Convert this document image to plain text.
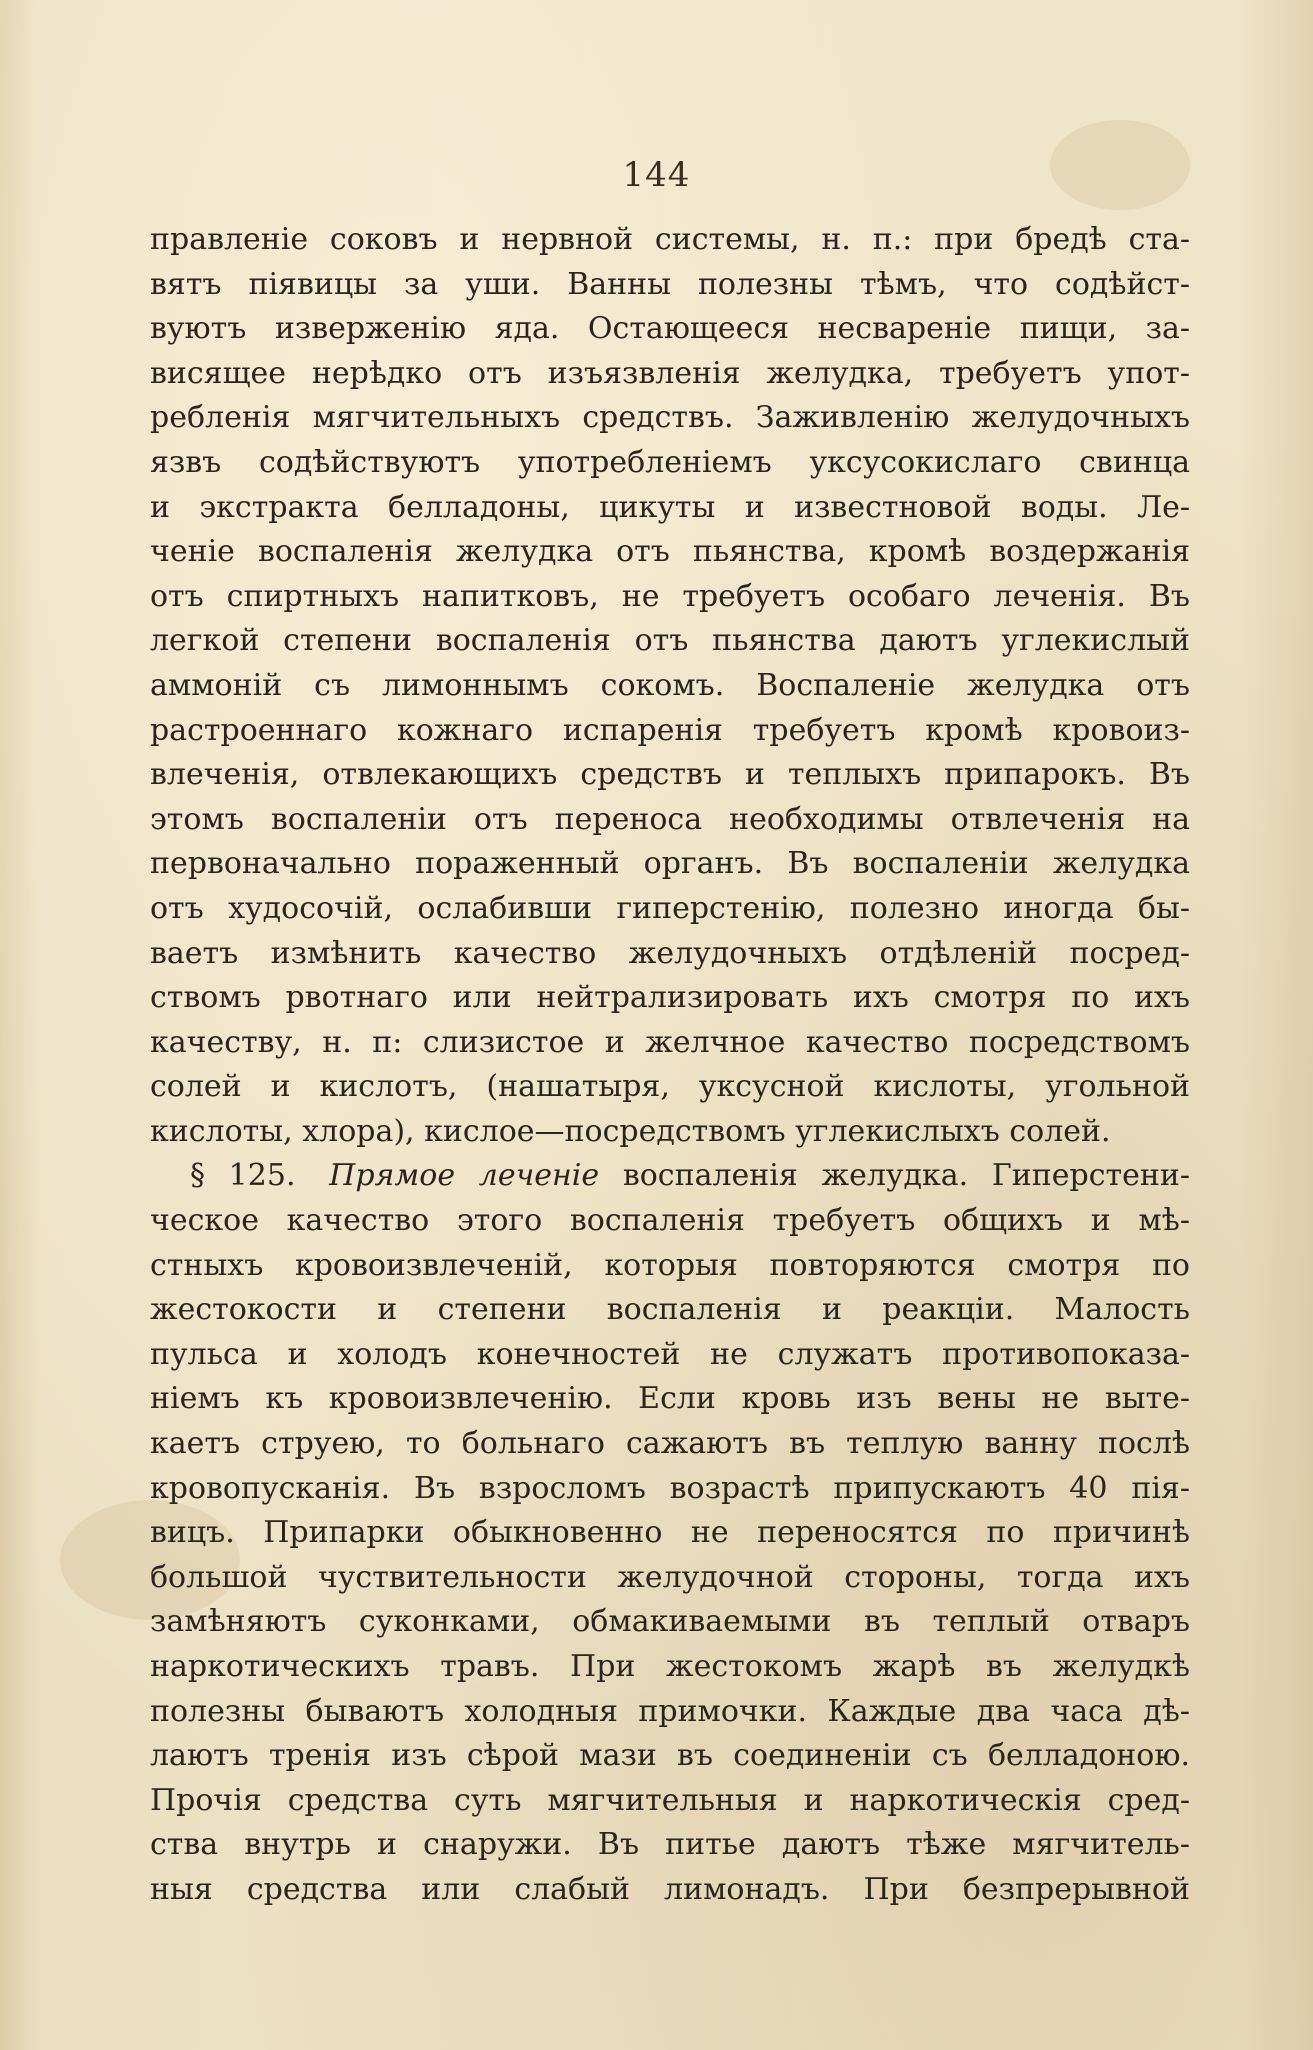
144
правленіе соковъ и нервной системы, н. п.: при бредѣ ста-
вятъ піявицы за уши. Ванны полезны тѣмъ, что содѣйст-
вуютъ изверженію яда. Остающееся несвареніе пищи, за-
висящее нерѣдко отъ изъязвленія желудка, требуетъ упот-
ребленія мягчительныхъ средствъ. Заживленію желудочныхъ
язвъ содѣйствуютъ употребленіемъ уксусокислаго свинца
и экстракта белладоны, цикуты и известновой воды. Ле-
ченіе воспаленія желудка отъ пьянства, кромѣ воздержанія
отъ спиртныхъ напитковъ, не требуетъ особаго леченія. Въ
легкой степени воспаленія отъ пьянства даютъ углекислый
аммоній съ лимоннымъ сокомъ. Воспаленіе желудка отъ
растроеннаго кожнаго испаренія требуетъ кромѣ кровоиз-
влеченія, отвлекающихъ средствъ и теплыхъ припарокъ. Въ
этомъ воспаленіи отъ переноса необходимы отвлеченія на
первоначально пораженный органъ. Въ воспаленіи желудка
отъ худосочій, ослабивши гиперстенію, полезно иногда бы-
ваетъ измѣнить качество желудочныхъ отдѣленій посред-
ствомъ рвотнаго или нейтрализировать ихъ смотря по ихъ
качеству, н. п: слизистое и желчное качество посредствомъ
солей и кислотъ, (нашатыря, уксусной кислоты, угольной
кислоты, хлора), кислое—посредствомъ углекислыхъ солей.
§ 125. Прямое леченіе воспаленія желудка. Гиперстени-
ческое качество этого воспаленія требуетъ общихъ и мѣ-
стныхъ кровоизвлеченій, которыя повторяются смотря по
жестокости и степени воспаленія и реакціи. Малость
пульса и холодъ конечностей не служатъ противопоказа-
ніемъ къ кровоизвлеченію. Если кровь изъ вены не выте-
каетъ струею, то больнаго сажаютъ въ теплую ванну послѣ
кровопусканія. Въ взросломъ возрастѣ припускаютъ 40 пія-
вицъ. Припарки обыкновенно не переносятся по причинѣ
большой чуствительности желудочной стороны, тогда ихъ
замѣняютъ суконками, обмакиваемыми въ теплый отваръ
наркотическихъ травъ. При жестокомъ жарѣ въ желудкѣ
полезны бываютъ холодныя примочки. Каждые два часа дѣ-
лаютъ тренія изъ сѣрой мази въ соединеніи съ белладоною.
Прочія средства суть мягчительныя и наркотическія сред-
ства внутрь и снаружи. Въ питье даютъ тѣже мягчитель-
ныя средства или слабый лимонадъ. При безпрерывной
